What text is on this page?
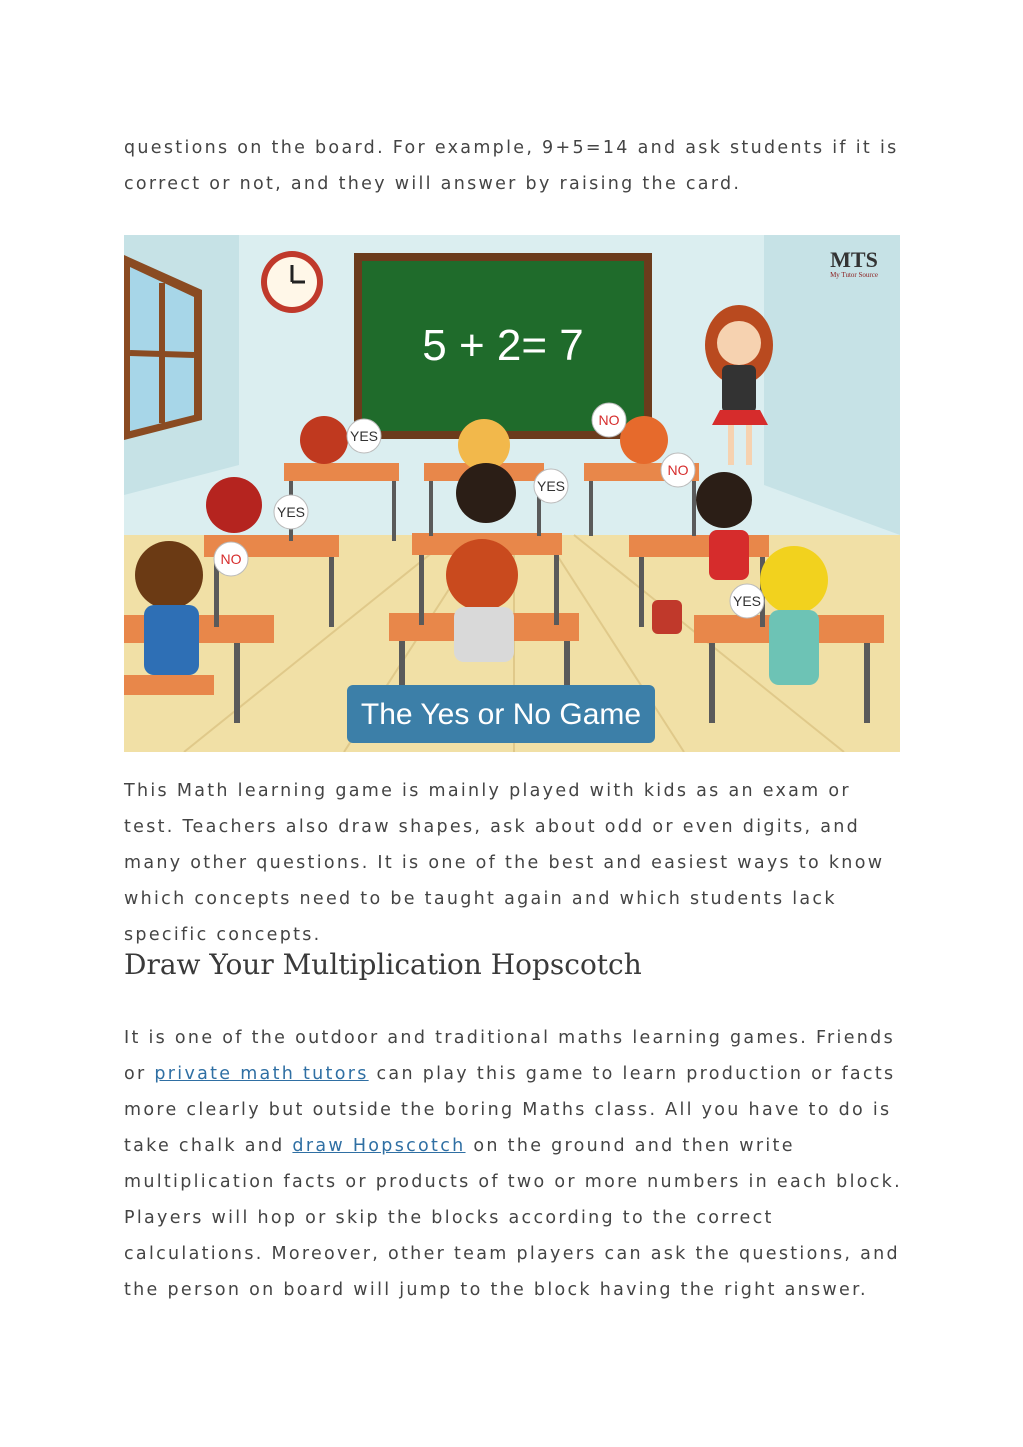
questions on the board. For example, 9+5=14 and ask students if it is correct or not, and they will answer by raising the card.

5 + 2= 7
MTS
My Tutor Source
YES
YES
NO
NO
NO
YES
YES
The Yes or No Game

This Math learning game is mainly played with kids as an exam or test. Teachers also draw shapes, ask about odd or even digits, and many other questions. It is one of the best and easiest ways to know which concepts need to be taught again and which students lack specific concepts.

Draw Your Multiplication Hopscotch

It is one of the outdoor and traditional maths learning games. Friends or private math tutors can play this game to learn production or facts more clearly but outside the boring Maths class. All you have to do is take chalk and draw Hopscotch on the ground and then write multiplication facts or products of two or more numbers in each block. Players will hop or skip the blocks according to the correct calculations. Moreover, other team players can ask the questions, and the person on board will jump to the block having the right answer.
